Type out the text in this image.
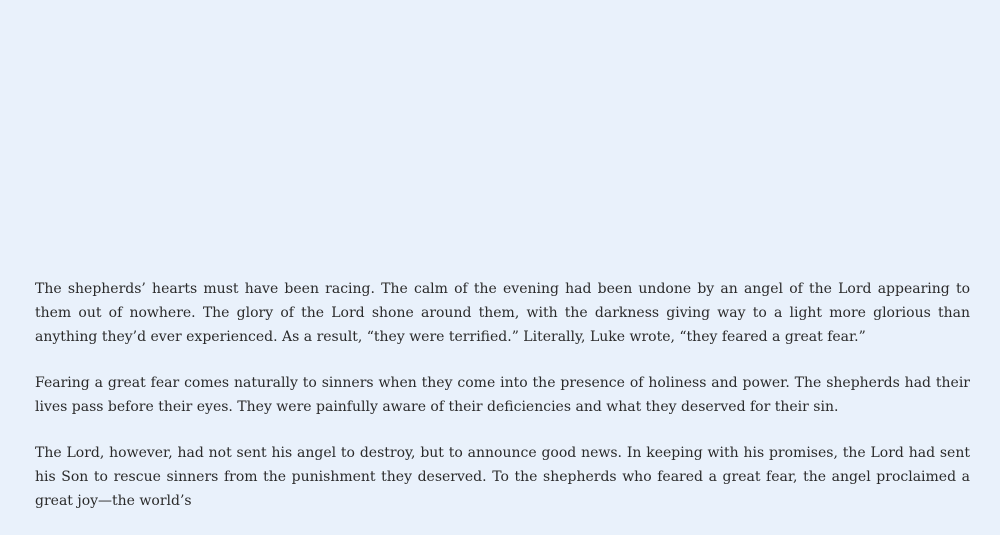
The shepherds’ hearts must have been racing. The calm of the evening had been undone by an angel of the Lord appearing to them out of nowhere. The glory of the Lord shone around them, with the darkness giving way to a light more glorious than anything they’d ever experienced. As a result, “they were terrified.” Literally, Luke wrote, “they feared a great fear.”

Fearing a great fear comes naturally to sinners when they come into the presence of holiness and power. The shepherds had their lives pass before their eyes. They were painfully aware of their deficiencies and what they deserved for their sin.

The Lord, however, had not sent his angel to destroy, but to announce good news. In keeping with his promises, the Lord had sent his Son to rescue sinners from the punishment they deserved. To the shepherds who feared a great fear, the angel proclaimed a great joy—the world’s
